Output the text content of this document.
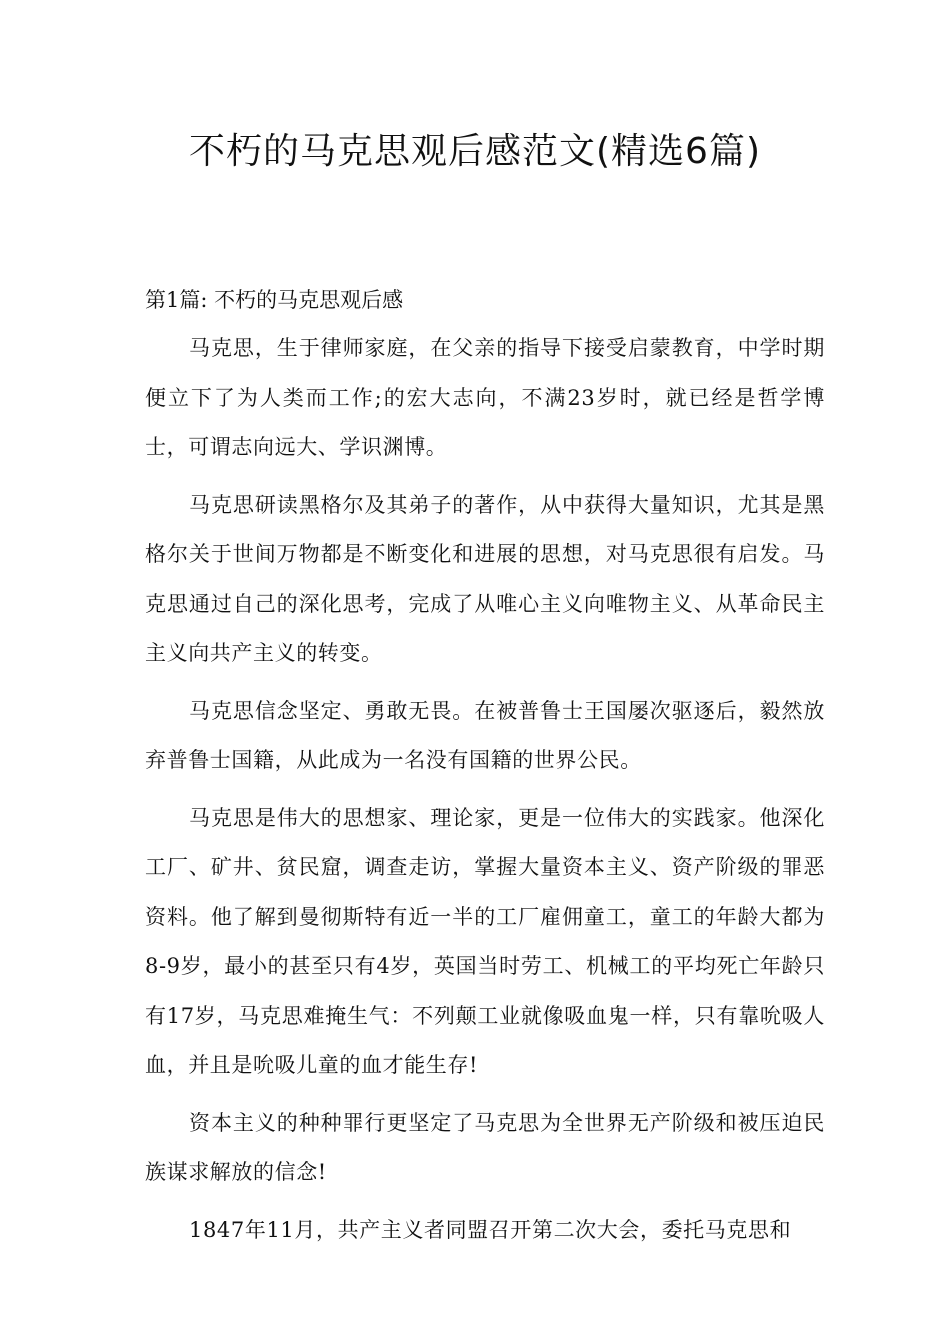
不朽的马克思观后感范文(精选6篇)
第1篇: 不朽的马克思观后感

马克思，生于律师家庭，在父亲的指导下接受启蒙教育，中学时期便立下了为人类而工作;的宏大志向，不满23岁时，就已经是哲学博士，可谓志向远大、学识渊博。

马克思研读黑格尔及其弟子的著作，从中获得大量知识，尤其是黑格尔关于世间万物都是不断变化和进展的思想，对马克思很有启发。马克思通过自己的深化思考，完成了从唯心主义向唯物主义、从革命民主主义向共产主义的转变。

马克思信念坚定、勇敢无畏。在被普鲁士王国屡次驱逐后，毅然放弃普鲁士国籍，从此成为一名没有国籍的世界公民。

马克思是伟大的思想家、理论家，更是一位伟大的实践家。他深化工厂、矿井、贫民窟，调查走访，掌握大量资本主义、资产阶级的罪恶资料。他了解到曼彻斯特有近一半的工厂雇佣童工，童工的年龄大都为8-9岁，最小的甚至只有4岁，英国当时劳工、机械工的平均死亡年龄只有17岁，马克思难掩生气：不列颠工业就像吸血鬼一样，只有靠吮吸人血，并且是吮吸儿童的血才能生存!

资本主义的种种罪行更坚定了马克思为全世界无产阶级和被压迫民族谋求解放的信念!

1847年11月，共产主义者同盟召开第二次大会，委托马克思和
